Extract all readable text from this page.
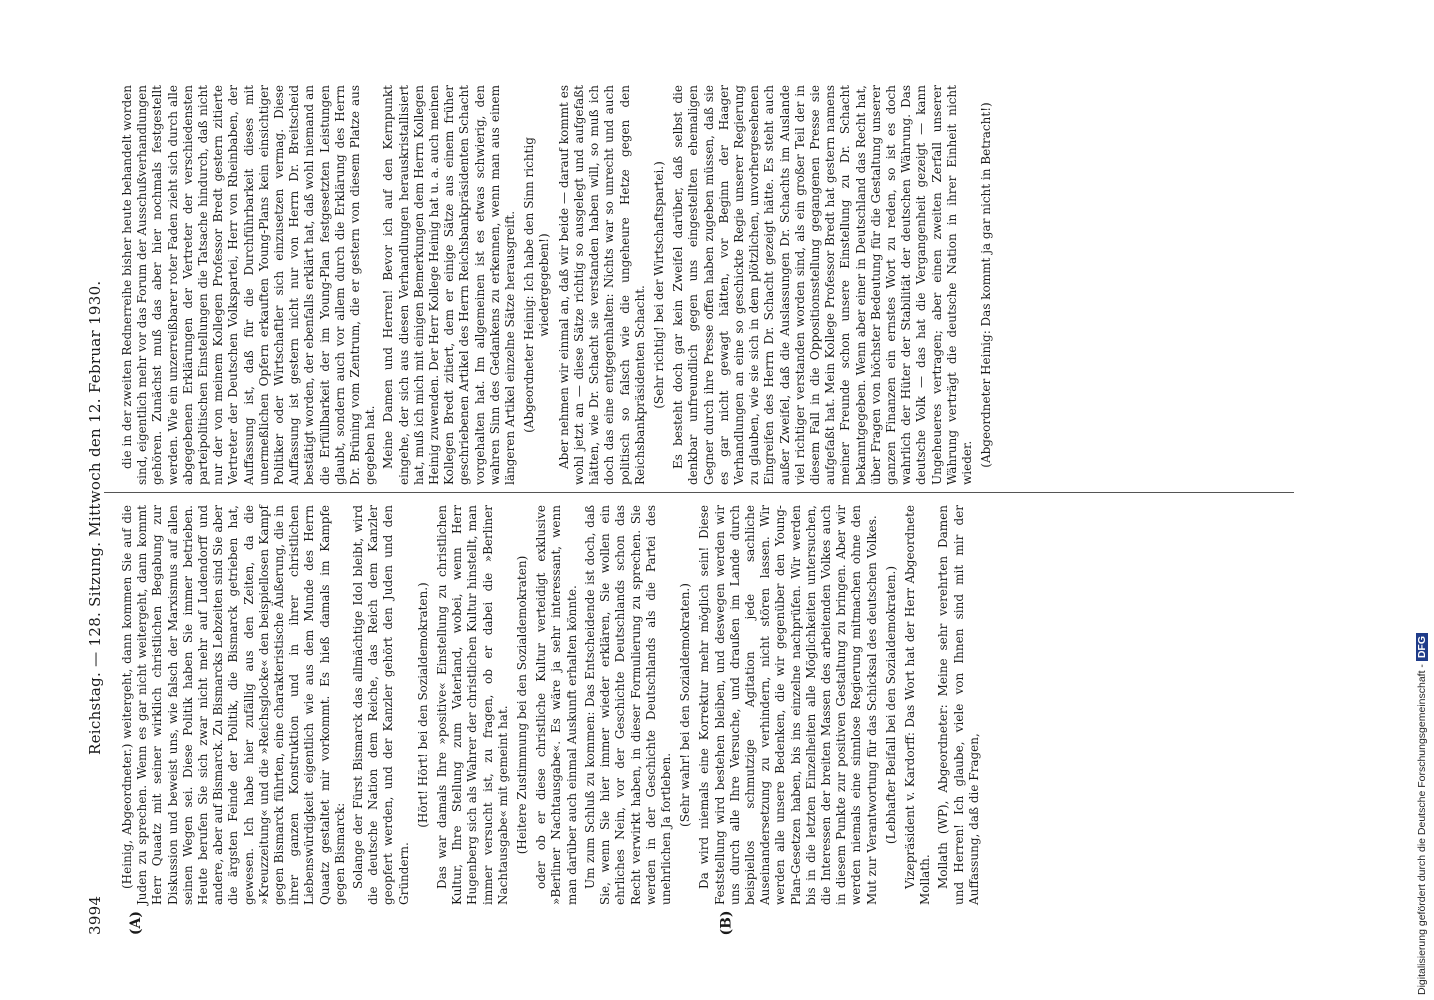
3994
Reichstag. — 128. Sitzung. Mittwoch den 12. Februar 1930.
(A)	(B)

(Heinig, Abgeordneter.) weitergeht, dann kommen Sie auf die Juden zu sprechen. Wenn es gar nicht weitergeht, dann kommt Herr Quaatz mit seiner wirklich christlichen Begabung zur Diskussion und beweist uns, wie falsch der Marxismus auf allen seinen Wegen sei. Diese Politik haben Sie immer betrieben. Heute berufen Sie sich zwar nicht mehr auf Ludendorff und andere, aber auf Bismarck. Zu Bismarcks Lebzeiten sind Sie aber die ärgsten Feinde der Politik, die Bismarck getrieben hat, gewesen. Ich habe hier zufällig aus den Zeiten, da die »Kreuzzeitung« und die »Reichsglocke« den beispiellosen Kampf gegen Bismarck führten, eine charakteristische Äußerung, die in ihrer ganzen Konstruktion und in ihrer christlichen Liebenswürdigkeit eigentlich wie aus dem Munde des Herrn Quaatz gestaltet mir vorkommt. Es hieß damals im Kampfe gegen Bismarck: Solange der Fürst Bismarck das allmächtige Idol bleibt, wird die deutsche Nation dem Reiche, das Reich dem Kanzler geopfert werden, und der Kanzler gehört den Juden und den Gründern.

(Hört! Hört! bei den Sozialdemokraten.) Das war damals Ihre »positive« Einstellung zu christlichen Kultur, Ihre Stellung zum Vaterland, wobei, wenn Herr Hugenberg sich als Wahrer der christlichen Kultur hinstellt, man immer versucht ist, zu fragen, ob er dabei die »Berliner Nachtausgabe« mit gemeint hat. (Heitere Zustimmung bei den Sozialdemokraten) oder ob er diese christliche Kultur verteidigt exklusive »Berliner Nachtausgabe«. Es wäre ja sehr interessant, wenn man darüber auch einmal Auskunft erhalten könnte. Um zum Schluß zu kommen: Das Entscheidende ist doch, daß Sie, wenn Sie hier immer wieder erklären, Sie wollen ein ehrliches Nein, vor der Geschichte Deutschlands schon das Recht verwirkt haben, in dieser Formulierung zu sprechen. Sie werden in der Geschichte Deutschlands als die Partei des unehrlichen Ja fortleben.

(Sehr wahr! bei den Sozialdemokraten.) Da wird niemals eine Korrektur mehr möglich sein! Diese Feststellung wird bestehen bleiben, und deswegen werden wir uns durch alle Ihre Versuche, und draußen im Lande durch beispiellos schmutzige Agitation jede sachliche Auseinandersetzung zu verhindern, nicht stören lassen. Wir werden alle unsere Bedenken, die wir gegenüber den Young-Plan-Gesetzen haben, bis ins einzelne nachprüfen. Wir werden bis in die letzten Einzelheiten alle Möglichkeiten untersuchen, die Interessen der breiten Massen des arbeitenden Volkes auch in diesem Punkte zur positiven Gestaltung zu bringen. Aber wir werden niemals eine sinnlose Regierung mitmachen ohne den Mut zur Verantwortung für das Schicksal des deutschen Volkes. (Lebhafter Beifall bei den Sozialdemokraten.) Vizepräsident v. Kardorff: Das Wort hat der Herr Abgeordnete Mollath. Mollath (WP), Abgeordneter: Meine sehr verehrten Damen und Herren! Ich glaube, viele von Ihnen sind mit mir der Auffassung, daß die Fragen,

die in der zweiten Rednerreihe bisher heute behandelt worden sind, eigentlich mehr vor das Forum der Ausschußverhandlungen gehören. Zunächst muß das aber hier nochmals festgestellt werden. Wie ein unzerreißbarer roter Faden zieht sich durch alle abgegebenen Erklärungen der Vertreter der verschiedensten parteipolitischen Einstellungen die Tatsache hindurch, daß nicht nur der von meinem Kollegen Professor Bredt gestern zitierte Vertreter der Deutschen Volkspartei, Herr von Rheinbaben, der Auffassung ist, daß für die Durchführbarkeit dieses mit unermeßlichen Opfern erkauften Young-Plans kein einsichtiger Politiker oder Wirtschaftler sich einzusetzen vermag. Diese Auffassung ist gestern nicht nur von Herrn Dr. Breitscheid bestätigt worden, der ebenfalls erklärt hat, daß wohl niemand an die Erfüllbarkeit der im Young-Plan festgesetzten Leistungen glaubt, sondern auch vor allem durch die Erklärung des Herrn Dr. Brüning vom Zentrum, die er gestern von diesem Platze aus gegeben hat. Meine Damen und Herren! Bevor ich auf den Kernpunkt eingehe, der sich aus diesen Verhandlungen herauskristallisiert hat, muß ich mich mit einigen Bemerkungen dem Herrn Kollegen Heinig zuwenden. Der Herr Kollege Heinig hat u. a. auch meinen Kollegen Bredt zitiert, dem er einige Sätze aus einem früher geschriebenen Artikel des Herrn Reichsbankpräsidenten Schacht vorgehalten hat. Im allgemeinen ist es etwas schwierig, den wahren Sinn des Gedankens zu erkennen, wenn man aus einem längeren Artikel einzelne Sätze herausgreift. (Abgeordneter Heinig: Ich habe den Sinn richtig wiedergegeben!) Aber nehmen wir einmal an, daß wir beide — darauf kommt es wohl jetzt an — diese Sätze richtig so ausgelegt und aufgefaßt hätten, wie Dr. Schacht sie verstanden haben will, so muß ich doch das eine entgegenhalten: Nichts war so unrecht und auch politisch so falsch wie die ungeheure Hetze gegen den Reichsbankpräsidenten Schacht. (Sehr richtig! bei der Wirtschaftspartei.) Es besteht doch gar kein Zweifel darüber, daß selbst die denkbar unfreundlich gegen uns eingestellten ehemaligen Gegner durch ihre Presse offen haben zugeben müssen, daß sie es gar nicht gewagt hätten, vor Beginn der Haager Verhandlungen an eine so geschickte Regie unserer Regierung zu glauben, wie sie sich in dem plötzlichen, unvorhergesehenen Eingreifen des Herrn Dr. Schacht gezeigt hätte. Es steht auch außer Zweifel, daß die Auslassungen Dr. Schachts im Auslande viel richtiger verstanden worden sind, als ein großer Teil der in diesem Fall in die Oppositionsstellung gegangenen Presse sie aufgefaßt hat. Mein Kollege Professor Bredt hat gestern namens meiner Freunde schon unsere Einstellung zu Dr. Schacht bekanntgegeben. Wenn aber einer in Deutschland das Recht hat, über Fragen von höchster Bedeutung für die Gestaltung unserer ganzen Finanzen ein ernstes Wort zu reden, so ist es doch wahrlich der Hüter der Stabilität der deutschen Währung. Das deutsche Volk — das hat die Vergangenheit gezeigt — kann Ungeheueres vertragen; aber einen zweiten Zerfall unserer Währung verträgt die deutsche Nation in ihrer Einheit nicht wieder. (Abgeordneter Heinig: Das kommt ja gar nicht in Betracht!)

Digitalisierung gefördert durch die Deutsche Forschungsgemeinschaft - DFG
